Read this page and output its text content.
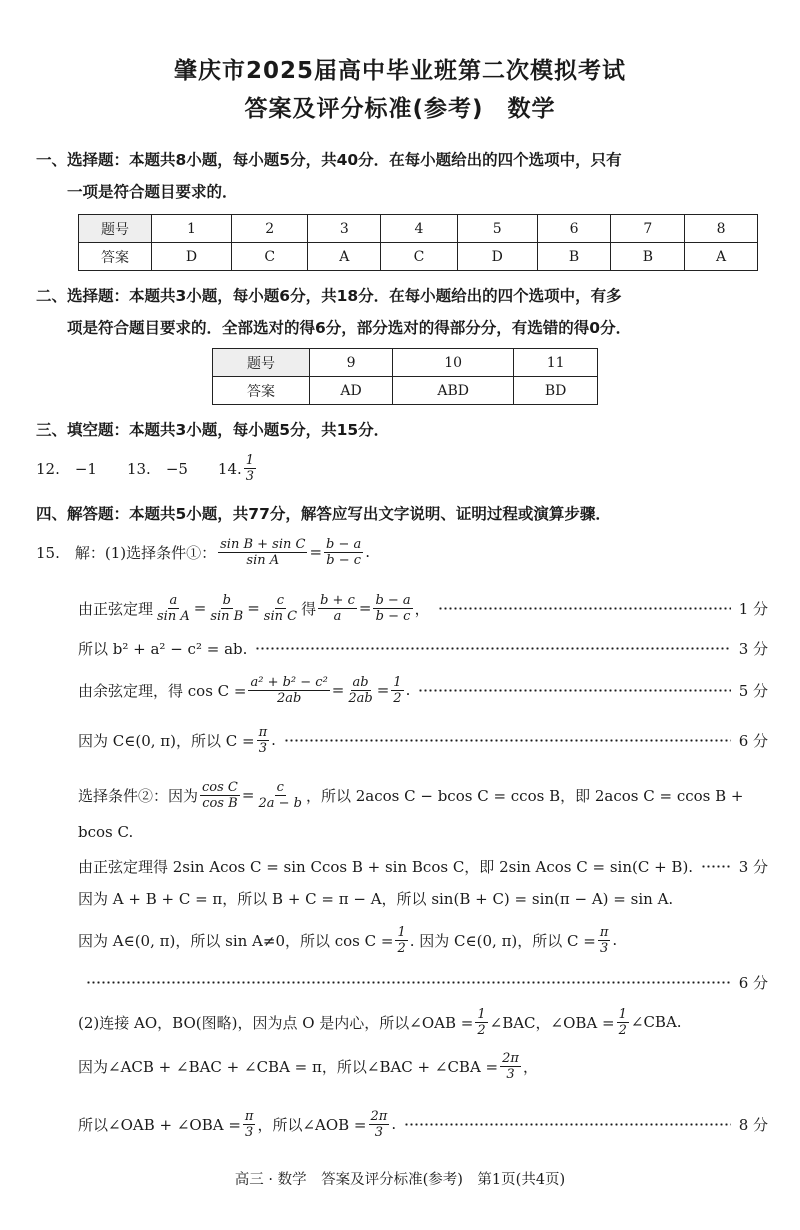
肇庆市2025届高中毕业班第二次模拟考试
答案及评分标准(参考)　数学
一、选择题：本题共8小题，每小题5分，共40分．在每小题给出的四个选项中，只有
　　一项是符合题目要求的．
题号	1	2	3	4	5	6	7	8
答案	D	C	A	C	D	B	B	A
二、选择题：本题共3小题，每小题6分，共18分．在每小题给出的四个选项中，有多
　　项是符合题目要求的．全部选对的得6分，部分选对的得部分分，有选错的得0分．
题号	9	10	11
答案	AD	ABD	BD
三、填空题：本题共3小题，每小题5分，共15分．
12.　−1　　13.　−5　　14. $\frac{1}{3}$
四、解答题：本题共5小题，共77分，解答应写出文字说明、证明过程或演算步骤．
15.　解：(1)选择条件①： $\frac{\text{sin B + sin C}}{\text{sin A}} = \frac{b - a}{b - c}$ .
由正弦定理 $\frac{a}{\text{sin A}} = \frac{b}{\text{sin B}} = \frac{c}{\text{sin C}}$ 得 $\frac{b + c}{a} = \frac{b - a}{b - c}$ ，	1 分
所以 b² + a² − c² = ab.	3 分
由余弦定理，得 $\cos C = \frac{\text{a² + b² − c²}}{2ab} = \frac{ab}{2ab} = \frac{1}{2}$ .	5 分
因为 C∈(0, π)，所以 $C = \frac{\pi}{3}$ .	6 分
选择条件②：因为 $\frac{\text{cos C}}{\text{cos B}} = \frac{c}{2a - b}$ ，所以 2acos C − bcos C = ccos B，即 2acos C = ccos B +
bcos C.
由正弦定理得 2sin Acos C = sin Ccos B + sin Bcos C，即 2sin Acos C = sin(C + B).	3 分
因为 A + B + C = π，所以 B + C = π − A，所以 sin(B + C) = sin(π − A) = sin A.
因为 A∈(0, π)，所以 sin A≠0，所以 $\cos C = \frac{1}{2}$ . 因为 C∈(0, π)，所以 $C = \frac{\pi}{3}$ .
6 分
(2)连接 AO，BO(图略)，因为点 O 是内心，所以∠OAB = $\frac{1}{2}$ ∠BAC，∠OBA = $\frac{1}{2}$ ∠CBA.
因为∠ACB + ∠BAC + ∠CBA = π，所以∠BAC + ∠CBA = $\frac{2\pi}{3}$ ，
所以∠OAB + ∠OBA = $\frac{\pi}{3}$ ，所以∠AOB = $\frac{2\pi}{3}$ .	8 分
高三 · 数学　答案及评分标准(参考)　第1页(共4页)
